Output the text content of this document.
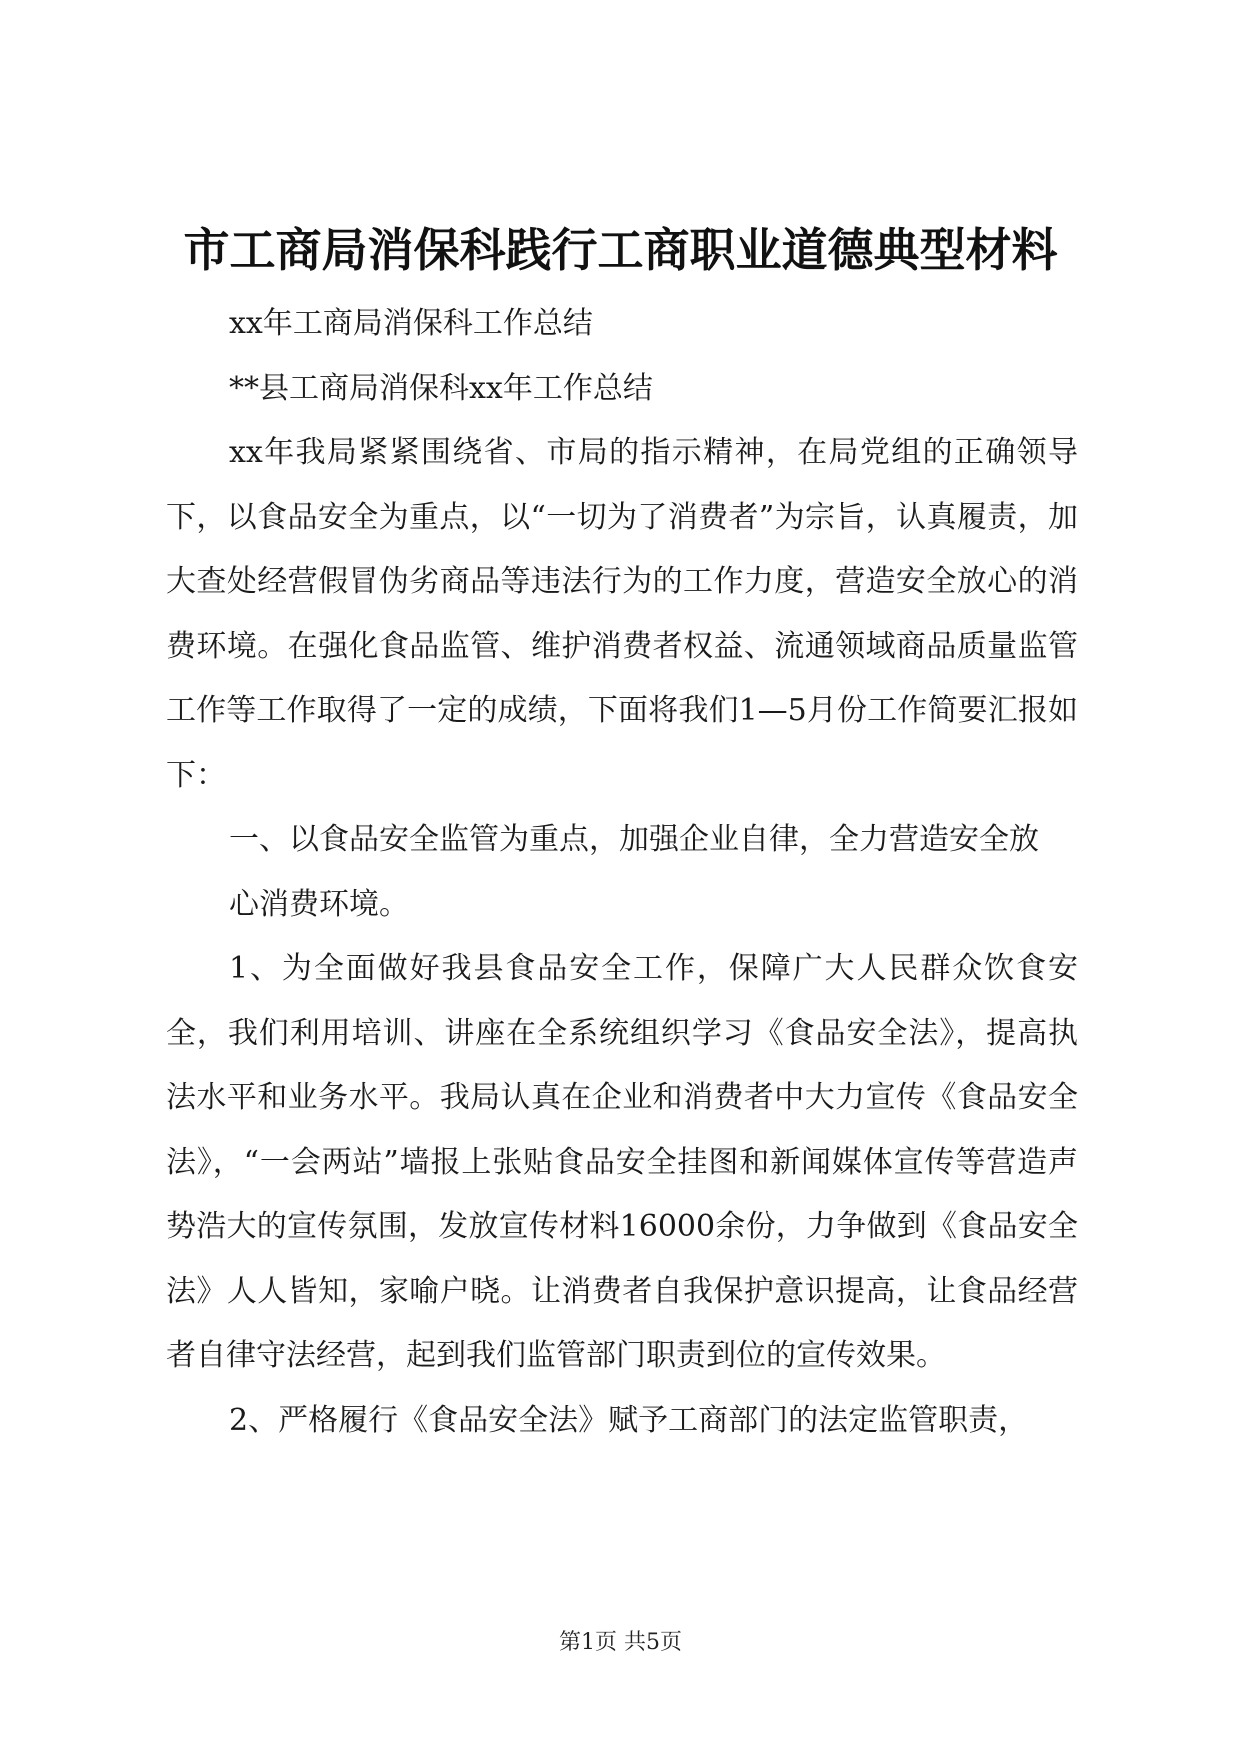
市工商局消保科践行工商职业道德典型材料

xx年工商局消保科工作总结

**县工商局消保科xx年工作总结

xx年我局紧紧围绕省、市局的指示精神，在局党组的正确领导下，以食品安全为重点，以“一切为了消费者”为宗旨，认真履责，加大查处经营假冒伪劣商品等违法行为的工作力度，营造安全放心的消费环境。在强化食品监管、维护消费者权益、流通领域商品质量监管工作等工作取得了一定的成绩，下面将我们1—5月份工作简要汇报如下：

一、以食品安全监管为重点，加强企业自律，全力营造安全放

心消费环境。

1、为全面做好我县食品安全工作，保障广大人民群众饮食安全，我们利用培训、讲座在全系统组织学习《食品安全法》，提高执法水平和业务水平。我局认真在企业和消费者中大力宣传《食品安全法》，“一会两站”墙报上张贴食品安全挂图和新闻媒体宣传等营造声势浩大的宣传氛围，发放宣传材料16000余份，力争做到《食品安全法》人人皆知，家喻户晓。让消费者自我保护意识提高，让食品经营者自律守法经营，起到我们监管部门职责到位的宣传效果。

2、严格履行《食品安全法》赋予工商部门的法定监管职责，

第1页 共5页
